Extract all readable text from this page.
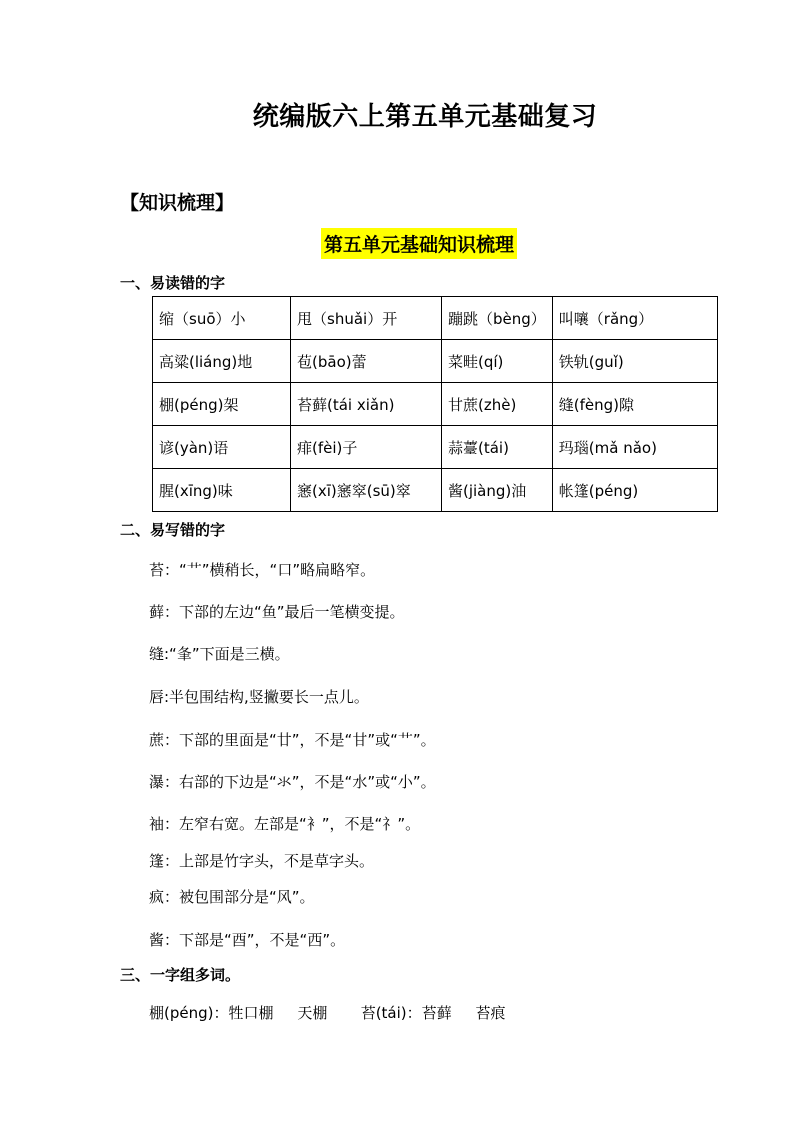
统编版六上第五单元基础复习
【知识梳理】
第五单元基础知识梳理
一、易读错的字
缩（suō）小	甩（shuǎi）开	蹦跳（bèng）	叫嚷（rǎng）
高粱(liáng)地	苞(bāo)蕾	菜畦(qí)	铁轨(guǐ)
棚(péng)架	苔藓(tái xiǎn)	甘蔗(zhè)	缝(fèng)隙
谚(yàn)语	痱(fèi)子	蒜薹(tái)	玛瑙(mǎ nǎo)
腥(xīng)味	窸(xī)窸窣(sū)窣	酱(jiàng)油	帐篷(péng)
二、易写错的字
苔：“艹”横稍长，“口”略扁略窄。
藓：下部的左边“鱼”最后一笔横变提。
缝:“夆”下面是三横。
唇:半包围结构,竖撇要长一点儿。
蔗：下部的里面是“廿”，不是“甘”或“艹”。
瀑：右部的下边是“氺”，不是“水”或“小”。
袖：左窄右宽。左部是“衤”，不是“礻”。
篷：上部是竹字头，不是草字头。
疯：被包围部分是“风”。
酱：下部是“酉”，不是“西”。
三、一字组多词。
棚(péng)：牲口棚     天棚       苔(tái)：苔藓     苔痕
